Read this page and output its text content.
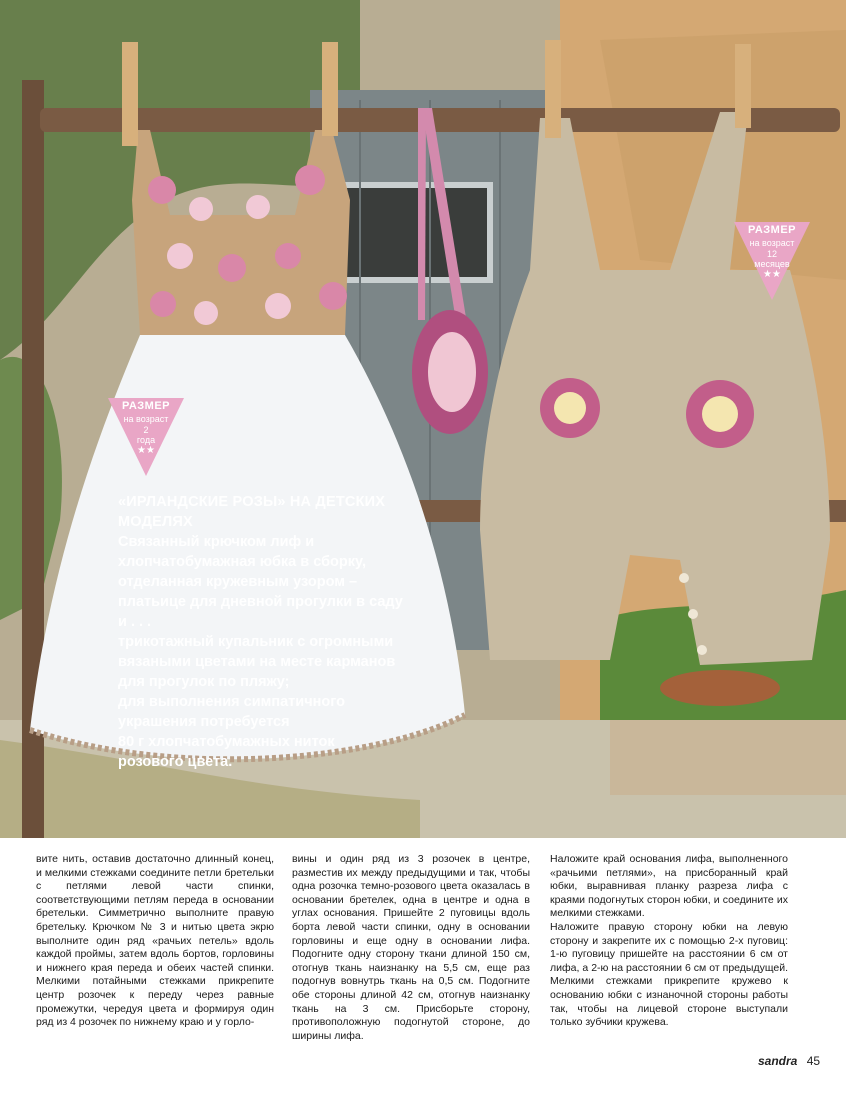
РАЗМЕР
на возраст
2
года
★★
РАЗМЕР
на возраст
12
месяцев
★★
«ИРЛАНДСКИЕ РОЗЫ» НА ДЕТСКИХ
МОДЕЛЯХ
Связанный крючком лиф и
хлопчатобумажная юбка в сборку,
отделанная кружевным узором –
платьице для дневной прогулки в саду
и . . .
трикотажный купальник с огромными
вязаными цветами на месте карманов
для прогулок по пляжу;
для выполнения симпатичного
украшения потребуется
80 г хлопчатобумажных ниток
розового цвета.

вите нить, оставив достаточно длинный конец, и мелкими стежками соедините петли бретельки с петлями левой части спинки, соответствующими петлям переда в основании бретельки. Симметрично выполните правую бретельку. Крючком № 3 и нитью цвета экрю выполните один ряд «рачьих петель» вдоль каждой проймы, затем вдоль бортов, горловины и нижнего края переда и обеих частей спинки. Мелкими потайными стежками прикрепите центр розочек к переду через равные промежутки, чередуя цвета и формируя один ряд из 4 розочек по нижнему краю и у горло-

вины и один ряд из 3 розочек в центре, разместив их между предыдущими и так, чтобы одна розочка темно-розового цвета оказалась в основании бретелек, одна в центре и одна в углах основания. Пришейте 2 пуговицы вдоль борта левой части спинки, одну в основании горловины и еще одну в основании лифа. Подогните одну сторону ткани длиной 150 см, отогнув ткань наизнанку на 5,5 см, еще раз подогнув вовнутрь ткань на 0,5 см. Подогните обе стороны длиной 42 см, отогнув наизнанку ткань на 3 см. Присборьте сторону, противоположную подогнутой стороне, до ширины лифа.

Наложите край основания лифа, выполненного «рачьими петлями», на присборанный край юбки, выравнивая планку разреза лифа с краями подогнутых сторон юбки, и соедините их мелкими стежками.

Наложите правую сторону юбки на левую сторону и закрепите их с помощью 2-х пуговиц: 1-ю пуговицу пришейте на расстоянии 6 см от лифа, а 2-ю на расстоянии 6 см от предыдущей. Мелкими стежками прикрепите кружево к основанию юбки с изнаночной стороны работы так, чтобы на лицевой стороне выступали только зубчики кружева.

sandra 45
